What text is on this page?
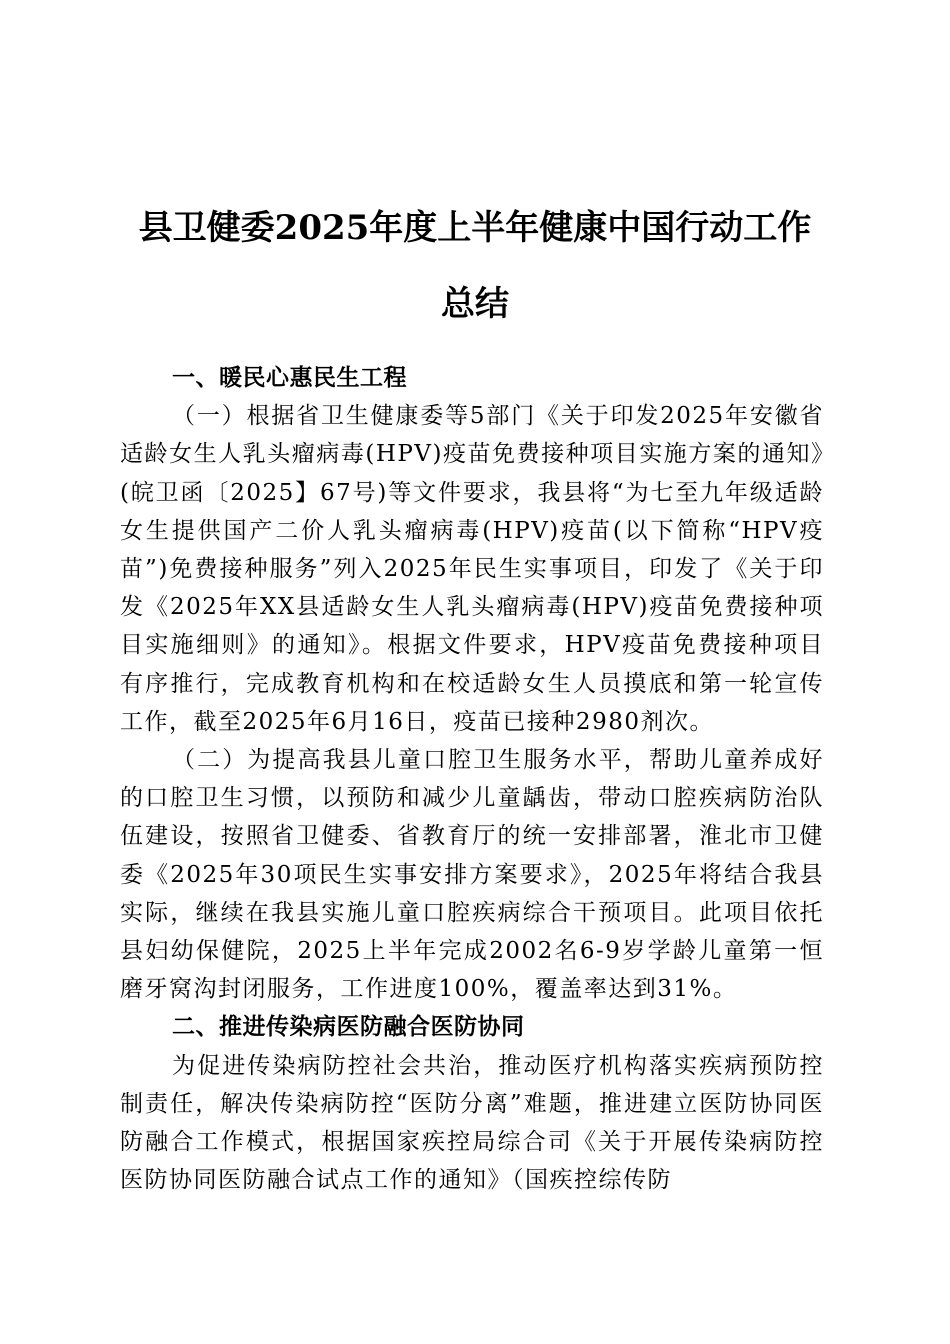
县卫健委2025年度上半年健康中国行动工作
总结

一、暖民心惠民生工程

（一）根据省卫生健康委等5部门《关于印发2025年安徽省适龄女生人乳头瘤病毒(HPV)疫苗免费接种项目实施方案的通知》(皖卫函〔2025】67号)等文件要求，我县将“为七至九年级适龄女生提供国产二价人乳头瘤病毒(HPV)疫苗(以下简称“HPV疫苗”)免费接种服务”列入2025年民生实事项目，印发了《关于印发《2025年XX县适龄女生人乳头瘤病毒(HPV)疫苗免费接种项目实施细则》的通知》。根据文件要求，HPV疫苗免费接种项目有序推行，完成教育机构和在校适龄女生人员摸底和第一轮宣传工作，截至2025年6月16日，疫苗已接种2980剂次。

（二）为提高我县儿童口腔卫生服务水平，帮助儿童养成好的口腔卫生习惯，以预防和减少儿童龋齿，带动口腔疾病防治队伍建设，按照省卫健委、省教育厅的统一安排部署，淮北市卫健委《2025年30项民生实事安排方案要求》，2025年将结合我县实际，继续在我县实施儿童口腔疾病综合干预项目。此项目依托县妇幼保健院，2025上半年完成2002名6-9岁学龄儿童第一恒磨牙窝沟封闭服务，工作进度100%，覆盖率达到31%。

二、推进传染病医防融合医防协同

为促进传染病防控社会共治，推动医疗机构落实疾病预防控制责任，解决传染病防控“医防分离”难题，推进建立医防协同医防融合工作模式，根据国家疾控局综合司《关于开展传染病防控医防协同医防融合试点工作的通知》（国疾控综传防
